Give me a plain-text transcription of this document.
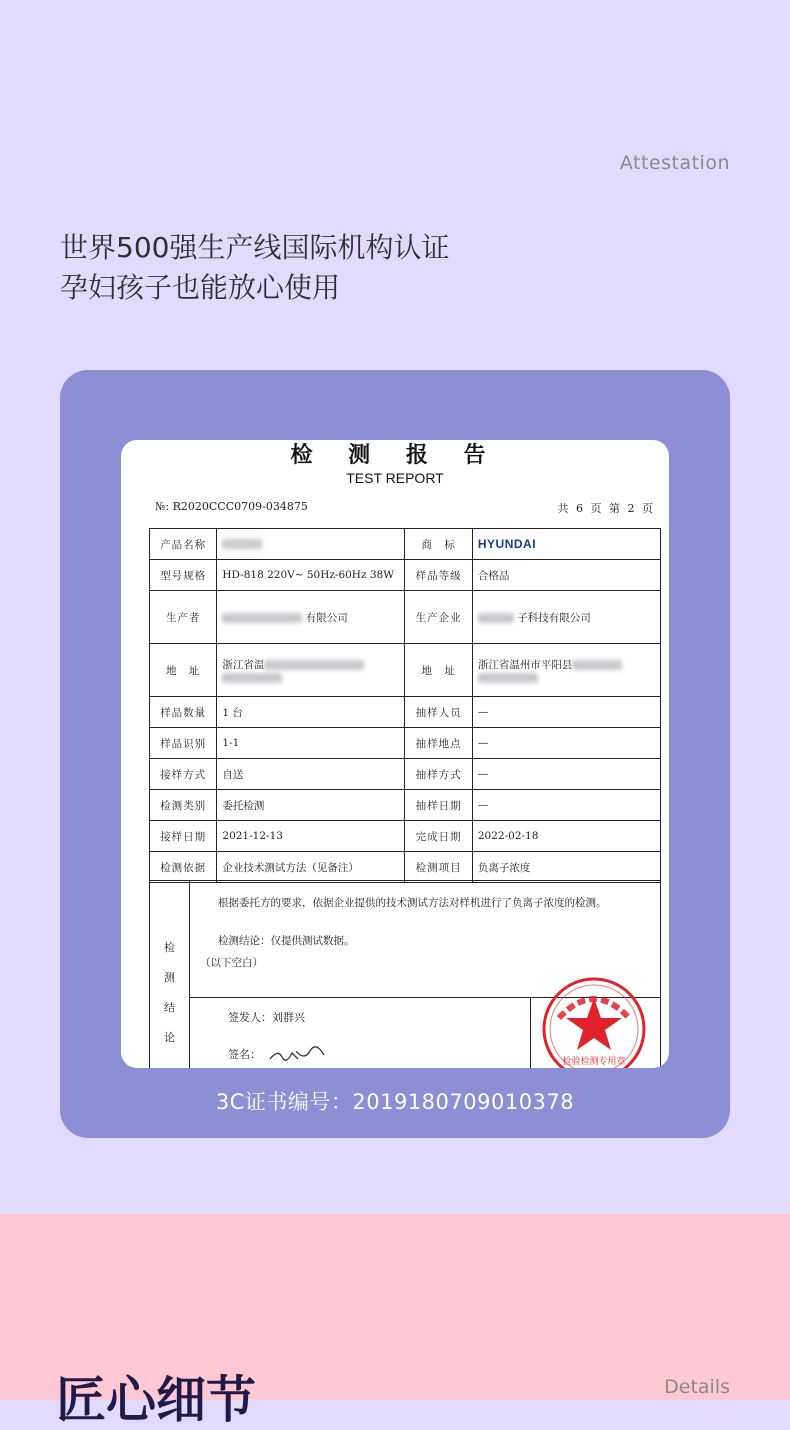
Attestation
世界500强生产线国际机构认证
孕妇孩子也能放心使用
检 测 报 告
TEST REPORT
№: R2020CCC0709-034875	共 6 页 第 2 页
产品名称		商　标	HYUNDAI
型号规格	HD-818 220V~ 50Hz-60Hz 38W	样品等级	合格品
生产者	有限公司	生产企业	子科技有限公司
地　址	浙江省温	地　址	浙江省温州市平阳县

样品数量	1 台	抽样人员	—
样品识别	1-1	抽样地点	—
接样方式	自送	抽样方式	—
检测类别	委托检测	抽样日期	—
接样日期	2021-12-13	完成日期	2022-02-18
检测依据	企业技术测试方法（见备注）	检测项目	负离子浓度
检
测
结
论
根据委托方的要求，依据企业提供的技术测试方法对样机进行了负离子浓度的检测。
检测结论：仅提供测试数据。
（以下空白）
签发人：刘群兴
签名：
检验检测专用章
3C证书编号：2019180709010378
匠心细节	Details
